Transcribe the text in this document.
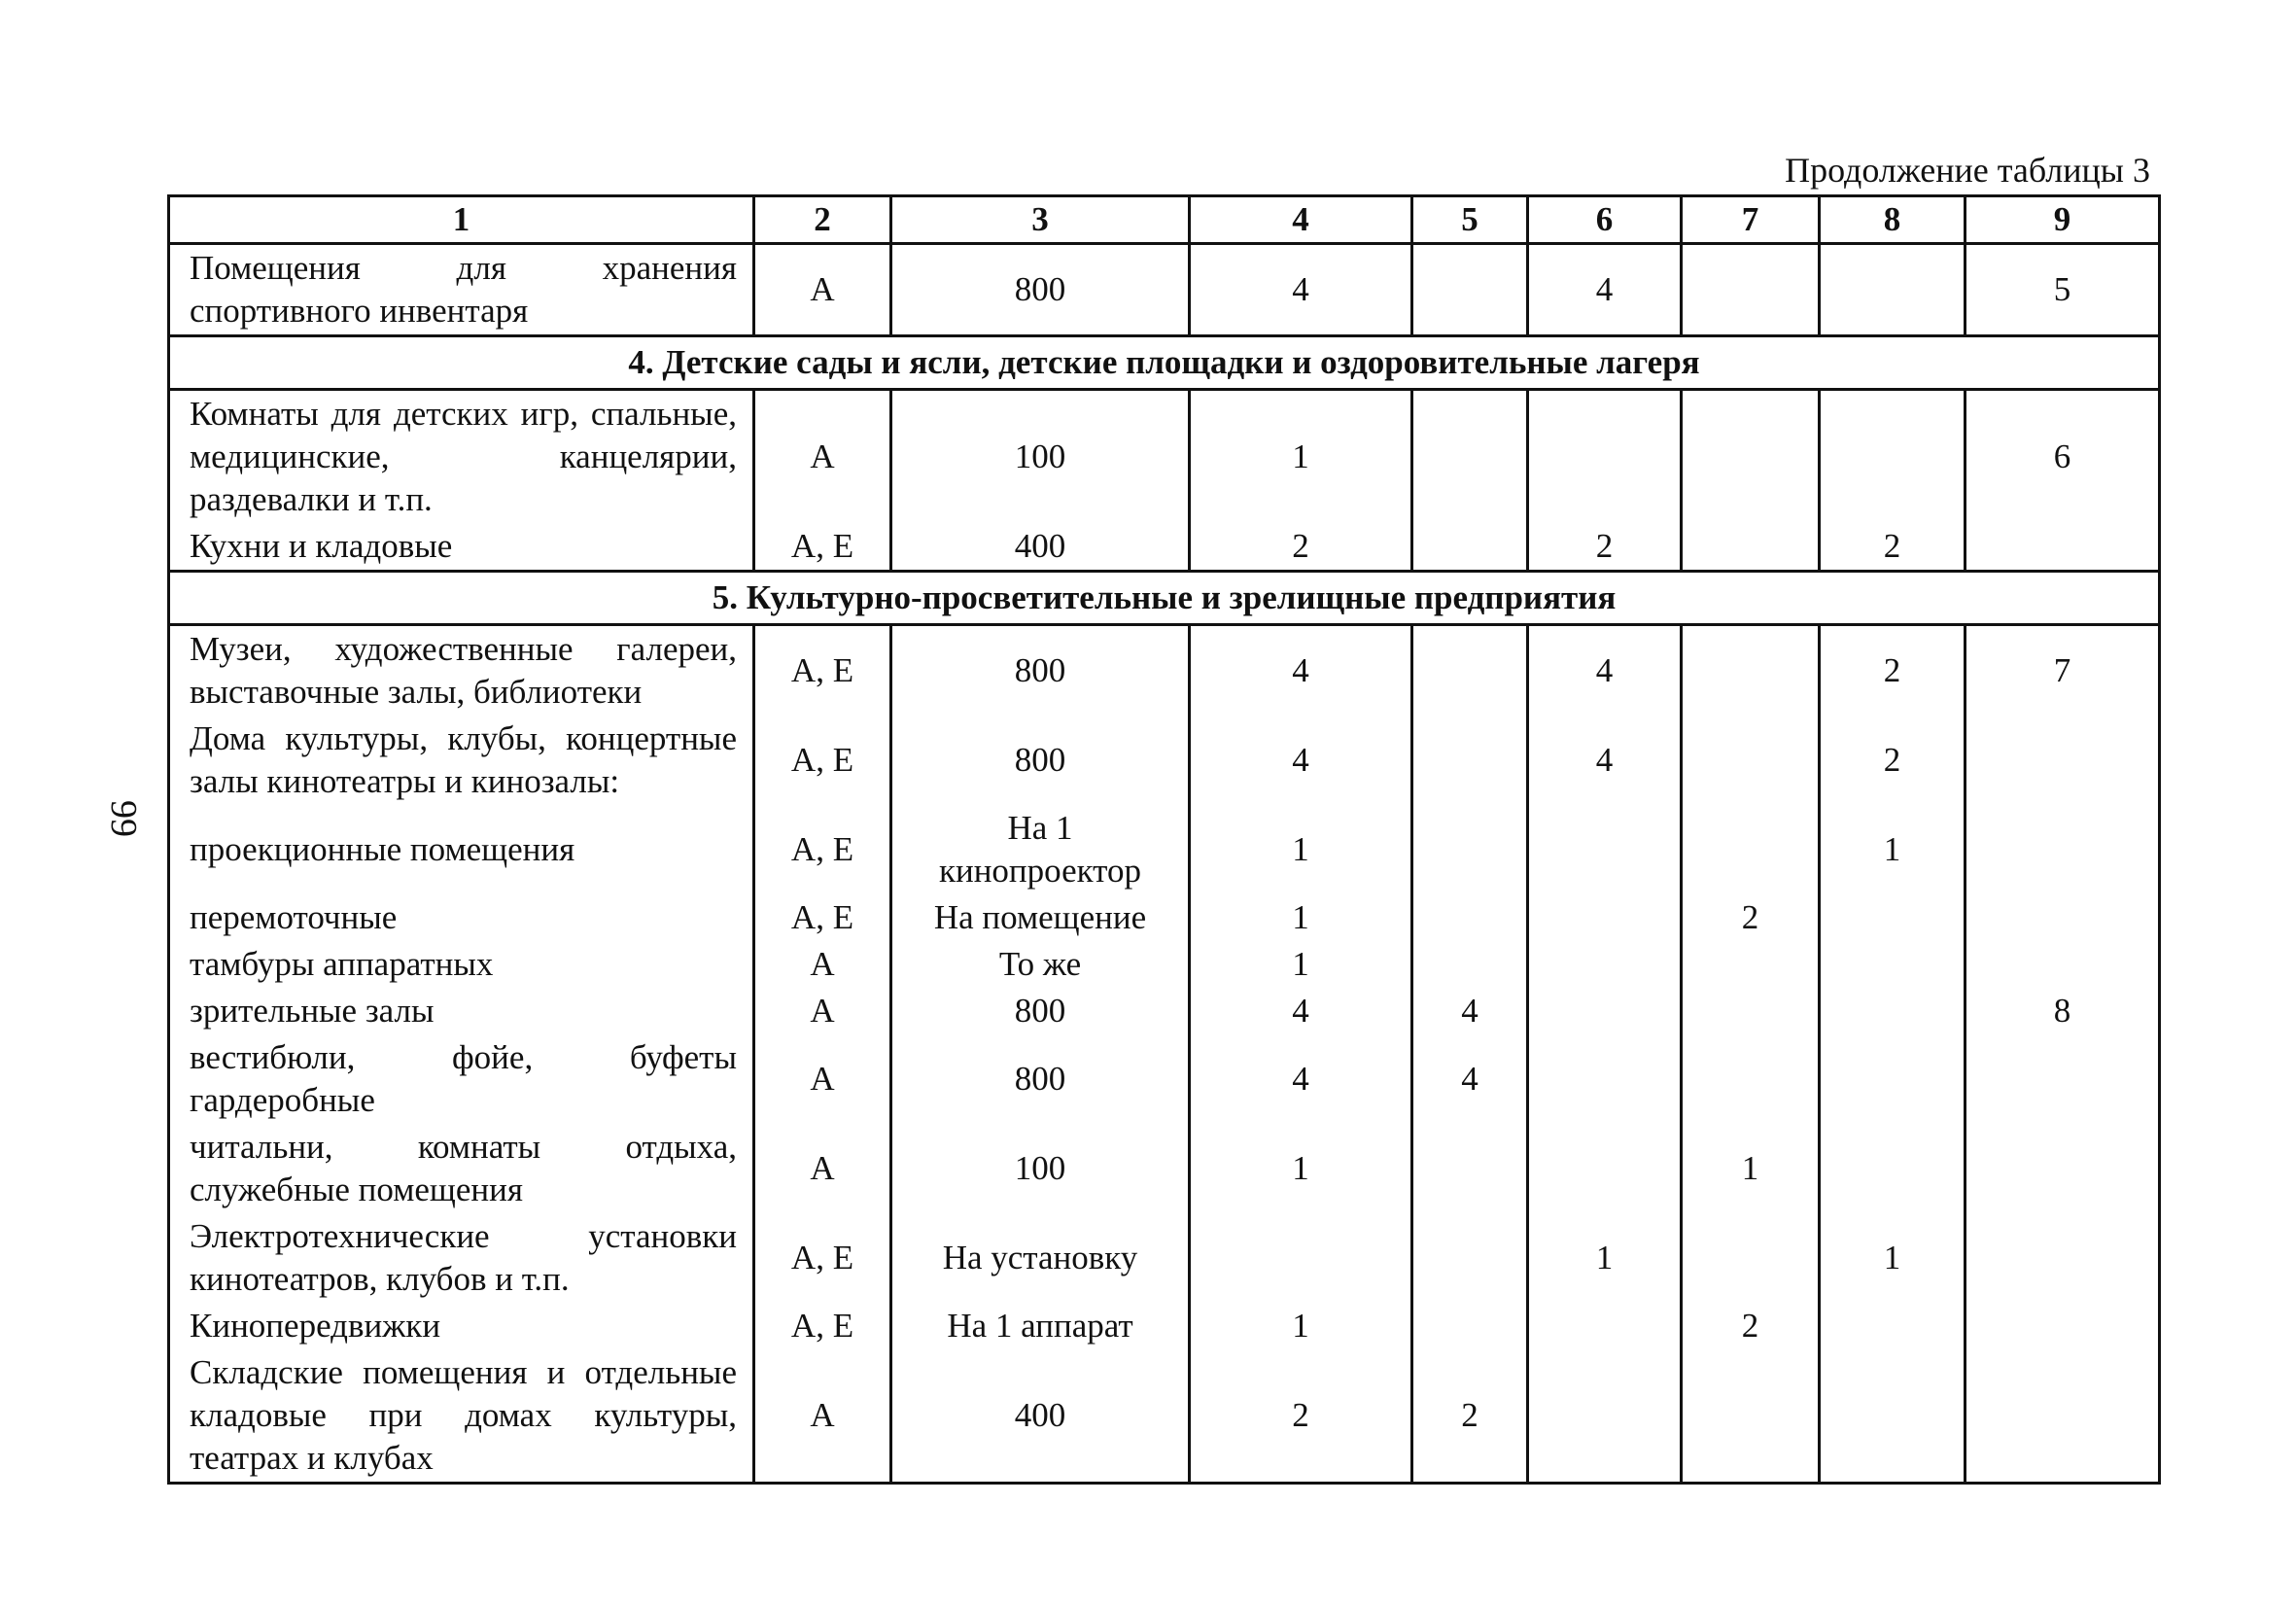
Продолжение таблицы 3
99
1	2	3	4	5	6	7	8	9
Помещения для хранения спортивного инвентаря	А	800	4		4			5
4. Детские сады и ясли, детские площадки и оздоровительные лагеря								
Комнаты для детских игр, спальные, медицинские, канцелярии, раздевалки и т.п.	А	100	1					6
Кухни и кладовые	А, Е	400	2		2		2	
5. Культурно-просветительные и зрелищные предприятия								
Музеи, художественные галереи, выставочные залы, библиотеки	А, Е	800	4		4		2	7
Дома культуры, клубы, концертные залы кинотеатры и кинозалы:	А, Е	800	4		4		2	
проекционные помещения	А, Е	На 1 кинопроектор	1				1	
перемоточные	А, Е	На помещение	1			2		
тамбуры аппаратных	А	То же	1					
зрительные залы	А	800	4	4				8
вестибюли, фойе, буфеты гардеробные	А	800	4	4				
читальни, комнаты отдыха, служебные помещения	А	100	1			1		
Электротехнические установки кинотеатров, клубов и т.п.	А, Е	На установку			1		1	
Кинопередвижки	А, Е	На 1 аппарат	1			2		
Складские помещения и отдельные кладовые при домах культуры, театрах и клубах	А	400	2	2				
